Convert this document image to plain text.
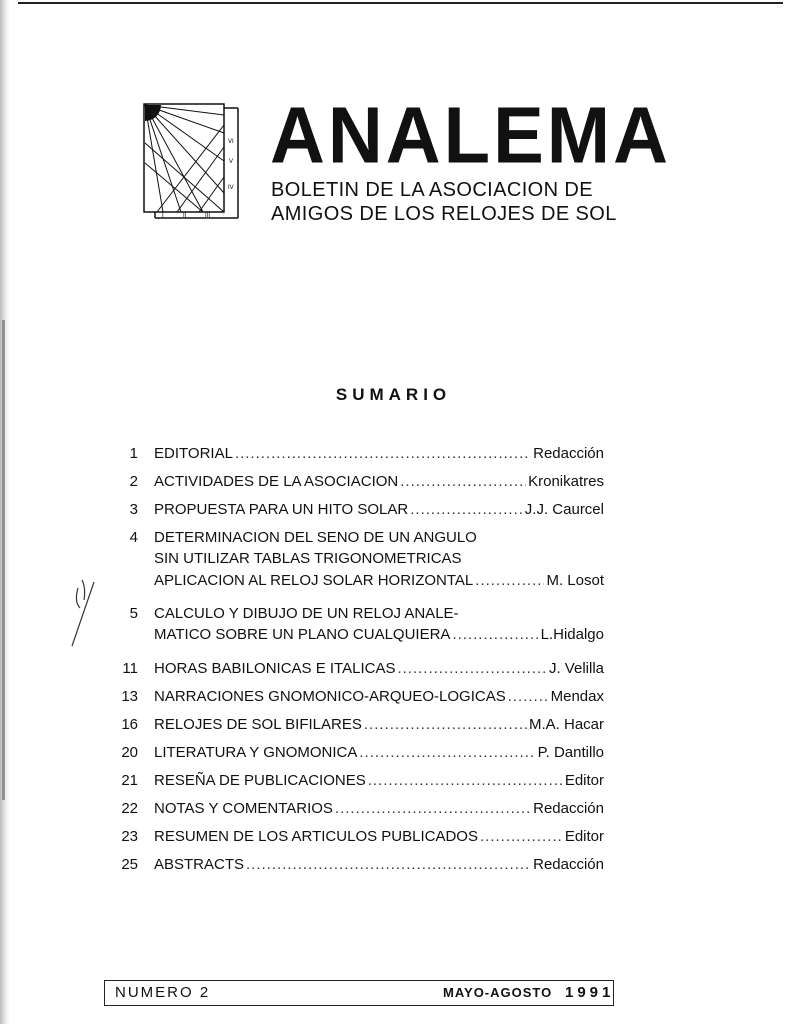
VI
V
IV
I	II	III
ANALEMA
BOLETIN DE LA ASOCIACION DE
AMIGOS DE LOS RELOJES DE SOL
SUMARIO
1 EDITORIAL .....	Redacción
2 ACTIVIDADES DE LA ASOCIACION .....	Kronikatres
3 PROPUESTA PARA UN HITO SOLAR .....	J.J. Caurcel
4 DETERMINACION DEL SENO DE UN ANGULO
SIN UTILIZAR TABLAS TRIGONOMETRICAS
APLICACION AL RELOJ SOLAR HORIZONTAL .....	M. Losot
5 CALCULO Y DIBUJO DE UN RELOJ ANALE-
MATICO SOBRE UN PLANO CUALQUIERA .....	L.Hidalgo
11 HORAS BABILONICAS E ITALICAS .....	J. Velilla
13 NARRACIONES GNOMONICO-ARQUEO-LOGICAS .....	Mendax
16 RELOJES DE SOL BIFILARES .....	M.A. Hacar
20 LITERATURA Y GNOMONICA .....	P. Dantillo
21 RESEÑA DE PUBLICACIONES .....	Editor
22 NOTAS Y COMENTARIOS .....	Redacción
23 RESUMEN DE LOS ARTICULOS PUBLICADOS .....	Editor
25 ABSTRACTS .....	Redacción
NUMERO 2	MAYO-AGOSTO 1991
